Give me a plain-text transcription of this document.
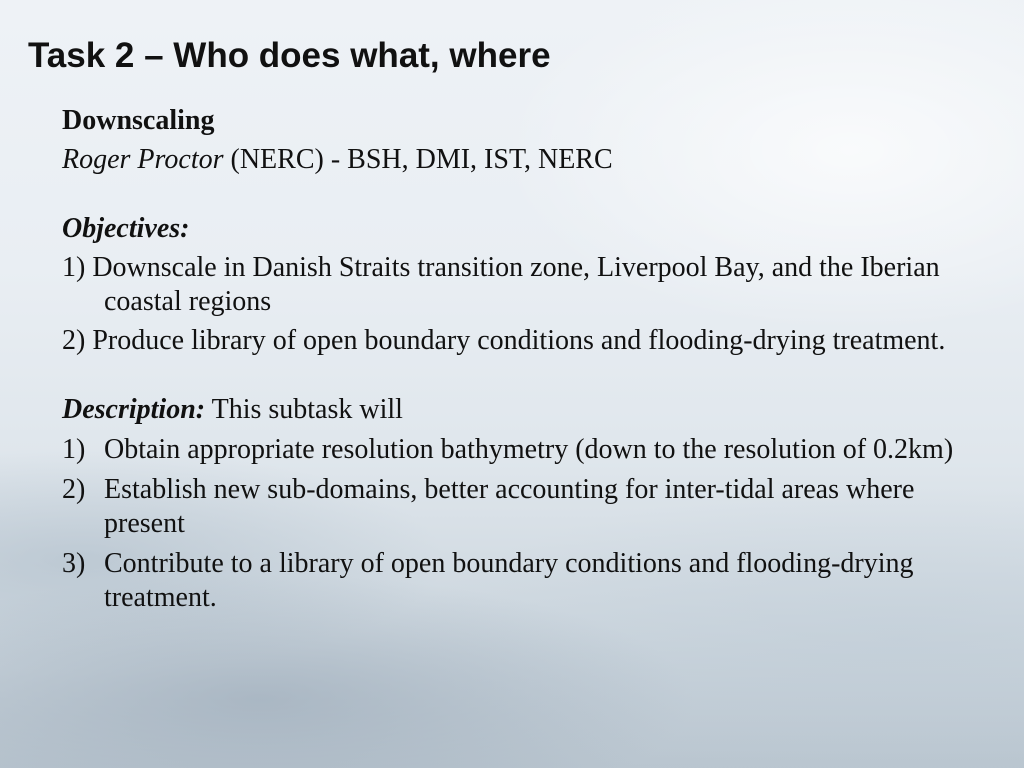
Task 2 – Who does what, where

Downscaling

Roger Proctor (NERC) - BSH, DMI, IST, NERC

Objectives:

1) Downscale in Danish Straits transition zone, Liverpool Bay, and the Iberian coastal regions

2) Produce library of open boundary conditions and flooding-drying treatment.

Description: This subtask will

1) Obtain appropriate resolution bathymetry (down to the resolution of 0.2km)
2) Establish new sub-domains, better accounting for inter-tidal areas where present
3) Contribute to a library of open boundary conditions and flooding-drying treatment.
